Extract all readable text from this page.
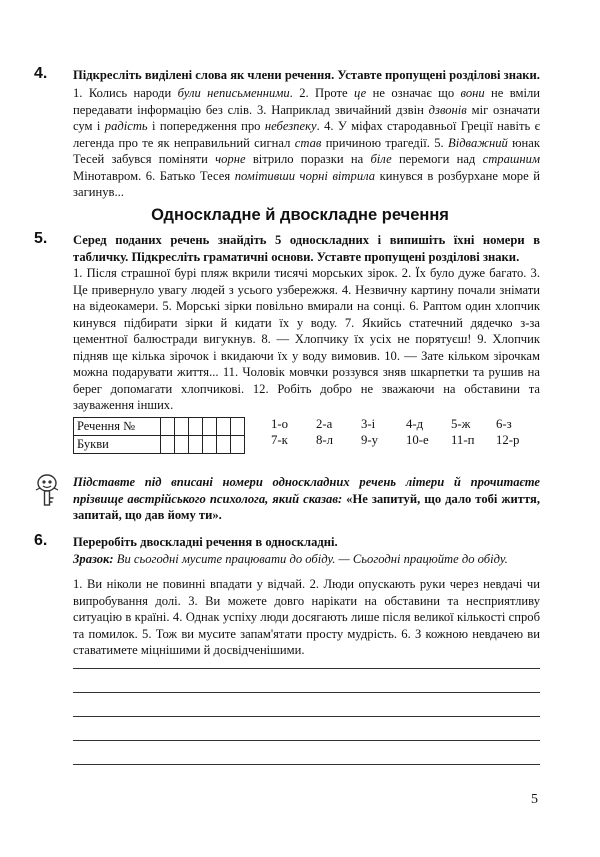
4. Підкресліть виділені слова як члени речення. Уставте пропущені розділові знаки.
1. Колись народи були неписьменними. 2. Проте це не означає що вони не вміли передавати інформацію без слів. 3. Наприклад звичайний дзвін дзвонів міг означати сум і радість і попередження про небезпеку. 4. У міфах стародавньої Греції навіть є легенда про те як неправильний сигнал став причиною трагедії. 5. Відважний юнак Тесей забувся поміняти чорне вітрило поразки на біле перемоги над страшним Мінотавром. 6. Батько Тесея помітивши чорні вітрила кинувся в розбурхане море й загинув...
Односкладне й двоскладне речення
5. Серед поданих речень знайдіть 5 односкладних і випишіть їхні номери в табличку. Підкресліть граматичні основи. Уставте пропущені розділові знаки.
1. Після страшної бурі пляж вкрили тисячі морських зірок. 2. Їх було дуже багато. 3. Це привернуло увагу людей з усього узбережжя. 4. Незвичну картину почали знімати на відеокамери. 5. Морські зірки повільно вмирали на сонці. 6. Раптом один хлопчик кинувся підбирати зірки й кидати їх у воду. 7. Якийсь статечний дядечко з-за цементної балюстради вигукнув. 8. — Хлопчику їх усіх не порятуєш! 9. Хлопчик підняв ще кілька зірочок і вкидаючи їх у воду вимовив. 10. — Зате кільком зірочкам можна подарувати життя... 11. Чоловік мовчки роззувся зняв шкарпетки та рушив на берег допомагати хлопчикові. 12. Робіть добро не зважаючи на обставини та зауваження інших.
Речення №						
Букви						
1-о 2-а 3-і 4-д 5-ж 6-з
7-к 8-л 9-у 10-е 11-п 12-р
Підставте під вписані номери односкладних речень літери й прочитаєте прізвище австрійського психолога, який сказав: «Не запитуй, що дало тобі життя, запитай, що дав йому ти».
6. Переробіть двоскладні речення в односкладні.
Зразок: Ви сьогодні мусите працювати до обіду. — Сьогодні працюйте до обіду.
1. Ви ніколи не повинні впадати у відчай. 2. Люди опускають руки через невдачі чи випробування долі. 3. Ви можете довго нарікати на обставини та несприятливу ситуацію в країні. 4. Однак успіху люди досягають лише після великої кількості спроб та помилок. 5. Тож ви мусите запам'ятати просту мудрість. 6. З кожною невдачею ви ставатимете міцнішими й досвідченішими.
5
